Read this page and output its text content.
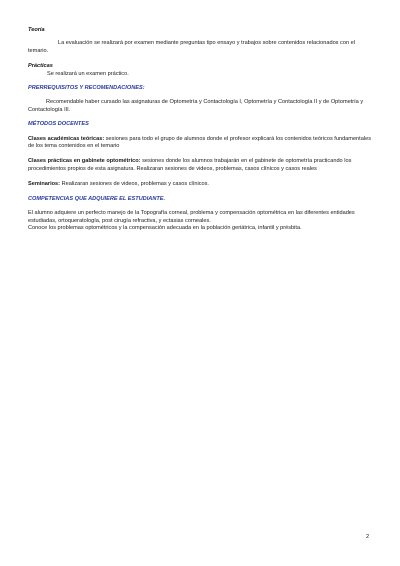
Teoría

La evaluación se realizará por examen mediante preguntas tipo ensayo y trabajos sobre contenidos relacionados con el temario.

Prácticas

Se realizará un examen práctico.

PRERREQUISITOS Y RECOMENDACIONES:

Recomendable haber cursado las asignaturas de Optometría y Contactología I, Optometría y Contactología II y de Optometría y Contactología III.

MÉTODOS DOCENTES

Clases académicas teóricas: sesiones para todo el grupo de alumnos donde el profesor explicará los contenidos teóricos fundamentales de los tema contenidos en el temario

Clases prácticas en gabinete optométrico: sesiones donde los alumnos trabajarán en el gabinete de optometría practicando los procedimientos propios de esta asignatura. Realizaran sesiones de videos, problemas, casos clínicos y casos reales

Seminarios: Realizaran sesiones de videos, problemas y casos clínicos.

COMPETENCIAS QUE ADQUIERE EL ESTUDIANTE.

El alumno adquiere un perfecto manejo de la Topografía corneal, problema y compensación optométrica en las diferentes entidades estudiadas, ortoqueratología, post cirugía refractiva, y ectasias corneales.

Conoce los problemas optométricos y la compensación adecuada en la población geriátrica, infantil y présbita.

2
